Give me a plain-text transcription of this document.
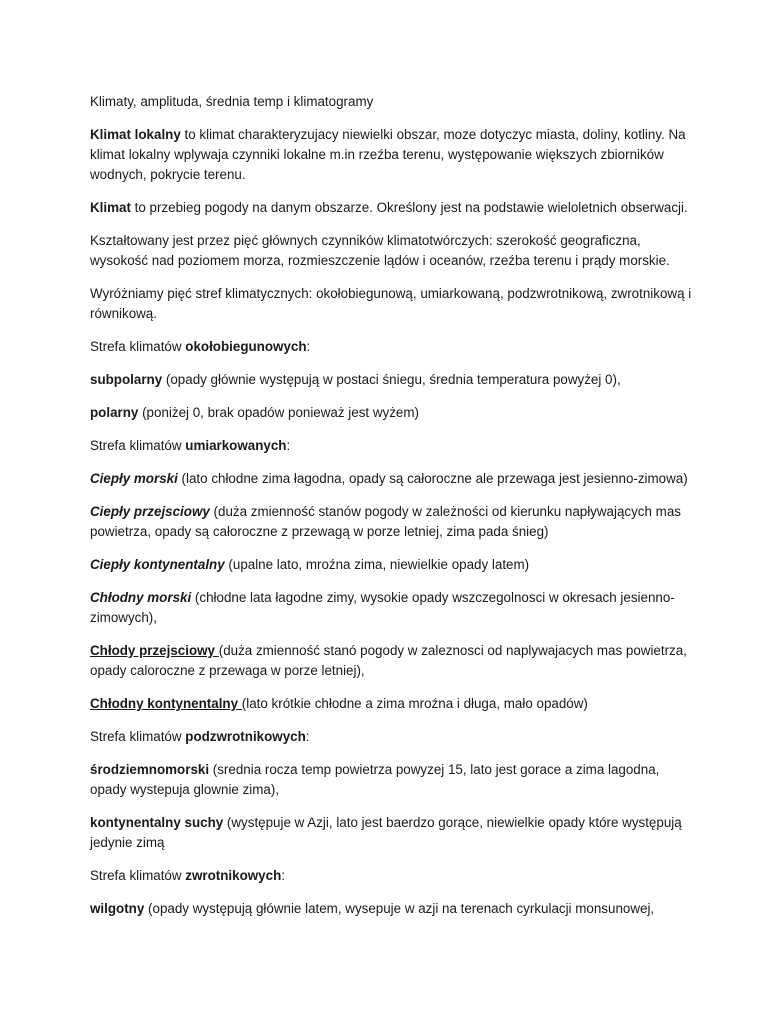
Klimaty, amplituda, średnia temp i klimatogramy

Klimat lokalny to klimat charakteryzujacy niewielki obszar, moze dotyczyc miasta, doliny, kotliny. Na klimat lokalny wplywaja czynniki lokalne m.in rzeźba terenu, występowanie większych zbiorników wodnych, pokrycie terenu.

Klimat to przebieg pogody na danym obszarze. Określony jest na podstawie wieloletnich obserwacji.

Kształtowany jest przez pięć głównych czynników klimatotwórczych: szerokość geograficzna, wysokość nad poziomem morza, rozmieszczenie lądów i oceanów, rzeźba terenu i prądy morskie.

Wyróżniamy pięć stref klimatycznych: okołobiegunową, umiarkowaną, podzwrotnikową, zwrotnikową i równikową.

Strefa klimatów okołobiegunowych:

subpolarny (opady głównie występują w postaci śniegu, średnia temperatura powyżej 0),

polarny (poniżej 0, brak opadów ponieważ jest wyżem)

Strefa klimatów umiarkowanych:

Ciepły morski (lato chłodne zima łagodna, opady są całoroczne ale przewaga jest jesienno-zimowa)

Ciepły przejsciowy (duża zmienność stanów pogody w zależności od kierunku napływających mas powietrza, opady są całoroczne z przewagą w porze letniej, zima pada śnieg)

Ciepły kontynentalny (upalne lato, mroźna zima, niewielkie opady latem)

Chłodny morski (chłodne lata łagodne zimy, wysokie opady wszczegolnosci w okresach jesienno-zimowych),

Chłody przejsciowy (duża zmienność stanó pogody w zaleznosci od naplywajacych mas powietrza, opady caloroczne z przewaga w porze letniej),

Chłodny kontynentalny (lato krótkie chłodne a zima mroźna i długa, mało opadów)

Strefa klimatów podzwrotnikowych:

środziemnomorski (srednia rocza temp powietrza powyzej 15, lato jest gorace a zima lagodna, opady wystepuja glownie zima),

kontynentalny suchy (występuje w Azji, lato jest baerdzo gorące, niewielkie opady które występują jedynie zimą

Strefa klimatów zwrotnikowych:

wilgotny (opady występują głównie latem, wysepuje w azji na terenach cyrkulacji monsunowej,
